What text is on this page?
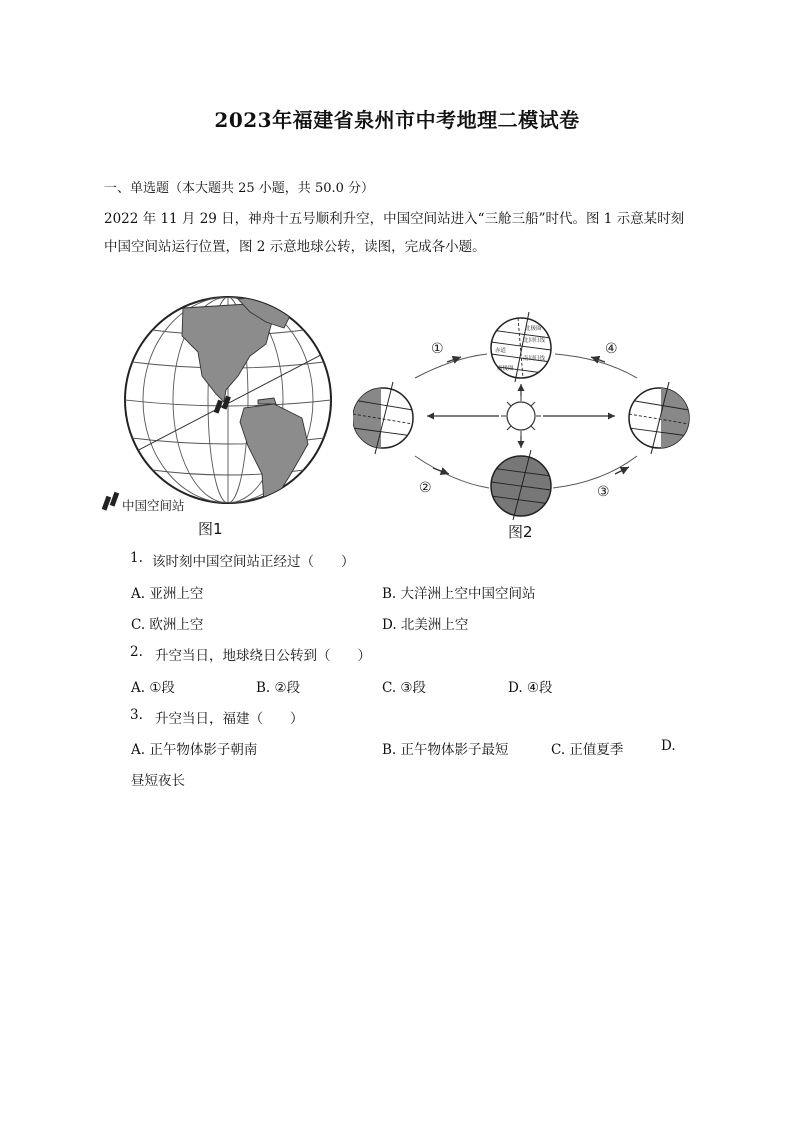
2023年福建省泉州市中考地理二模试卷
一、单选题（本大题共 25 小题，共 50.0 分）
2022 年 11 月 29 日，神舟十五号顺利升空，中国空间站进入“三舱三船”时代。图 1 示意某时刻中国空间站运行位置，图 2 示意地球公转，读图，完成各小题。
中国空间站
图1
北极圈
北回归线
赤道
南回归线
南极圈
①
②	③
④
图2
1. 该时刻中国空间站正经过（　　）
A. 亚洲上空	B. 大洋洲上空中国空间站
C. 欧洲上空	D. 北美洲上空
2. 升空当日，地球绕日公转到（　　）
A. ①段	B. ②段	C. ③段	D. ④段
3. 升空当日，福建（　　）
A. 正午物体影子朝南	B. 正午物体影子最短	C. 正值夏季	D.
昼短夜长
